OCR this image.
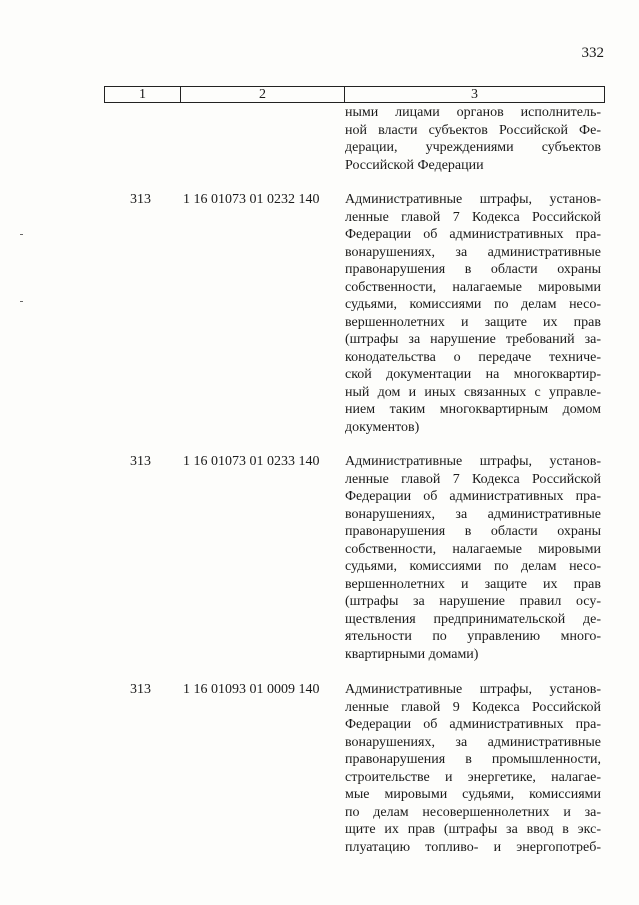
332
1	2	3
ными лицами органов исполнитель-
ной власти субъектов Российской Фе-
дерации, учреждениями субъектов
Российской Федерации
313	1 16 01073 01 0232 140	Административные штрафы, установ-
ленные главой 7 Кодекса Российской
Федерации об административных пра-
вонарушениях, за административные
правонарушения в области охраны
собственности, налагаемые мировыми
судьями, комиссиями по делам несо-
вершеннолетних и защите их прав
(штрафы за нарушение требований за-
конодательства о передаче техниче-
ской документации на многоквартир-
ный дом и иных связанных с управле-
нием таким многоквартирным домом
документов)
313	1 16 01073 01 0233 140	Административные штрафы, установ-
ленные главой 7 Кодекса Российской
Федерации об административных пра-
вонарушениях, за административные
правонарушения в области охраны
собственности, налагаемые мировыми
судьями, комиссиями по делам несо-
вершеннолетних и защите их прав
(штрафы за нарушение правил осу-
ществления предпринимательской де-
ятельности по управлению много-
квартирными домами)
313	1 16 01093 01 0009 140	Административные штрафы, установ-
ленные главой 9 Кодекса Российской
Федерации об административных пра-
вонарушениях, за административные
правонарушения в промышленности,
строительстве и энергетике, налагае-
мые мировыми судьями, комиссиями
по делам несовершеннолетних и за-
щите их прав (штрафы за ввод в экс-
плуатацию топливо- и энергопотреб-
